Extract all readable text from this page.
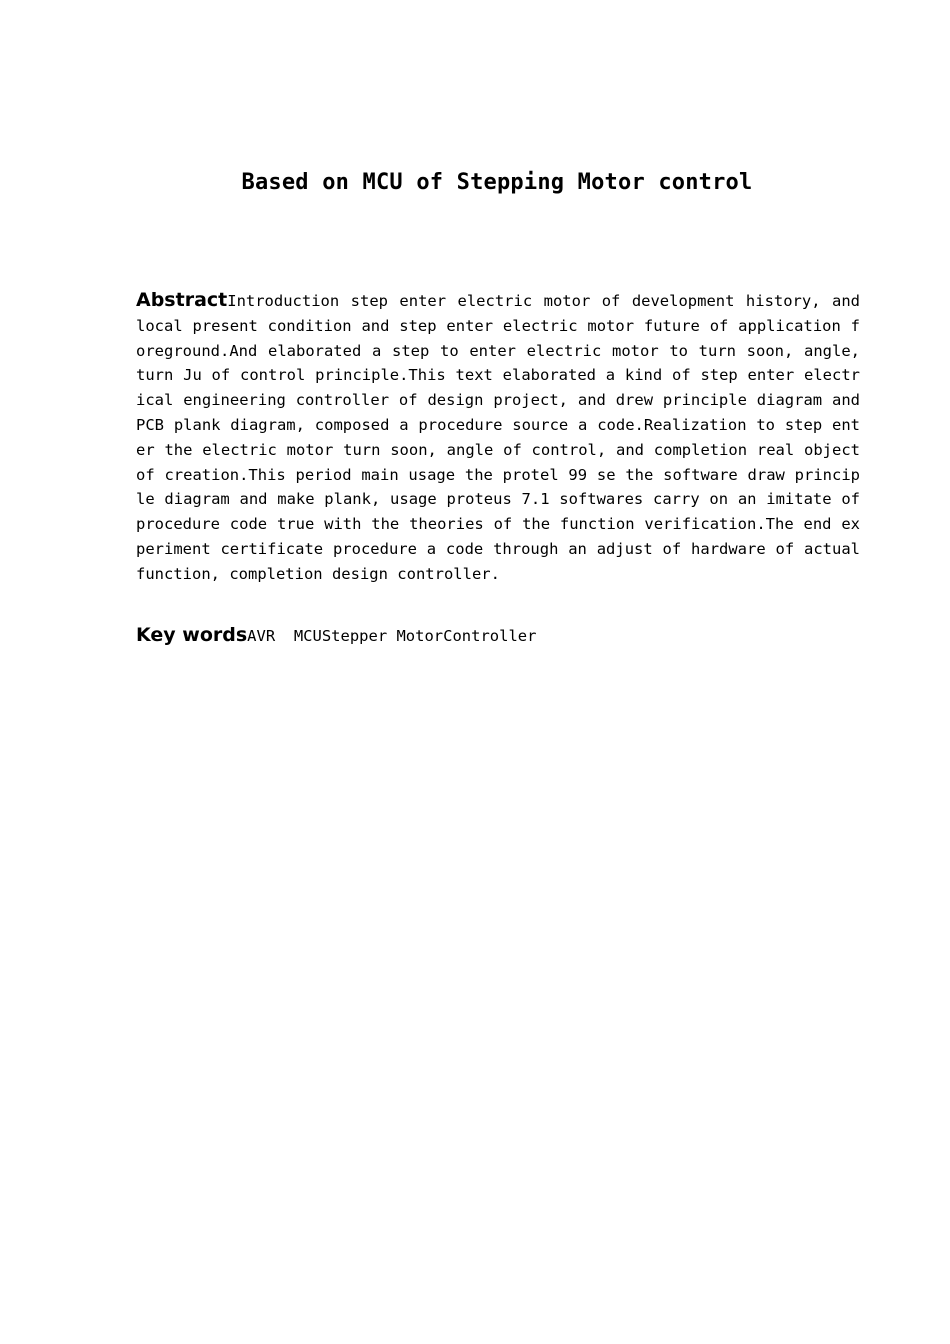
Based on MCU of Stepping Motor control

AbstractIntroduction step enter electric motor of development history, and local present condition and step enter electric motor future of application foreground.And elaborated a step to enter electric motor to turn soon, angle, turn Ju of control principle.This text elaborated a kind of step enter electrical engineering controller of design project, and drew principle diagram and PCB plank diagram, composed a procedure source a code.Realization to step enter the electric motor turn soon, angle of control, and completion real object of creation.This period main usage the protel 99 se the software draw principle diagram and make plank, usage proteus 7.1 softwares carry on an imitate of procedure code true with the theories of the function verification.The end experiment certificate procedure a code through an adjust of hardware of actual function, completion design controller.

Key wordsAVR  MCUStepper MotorController
